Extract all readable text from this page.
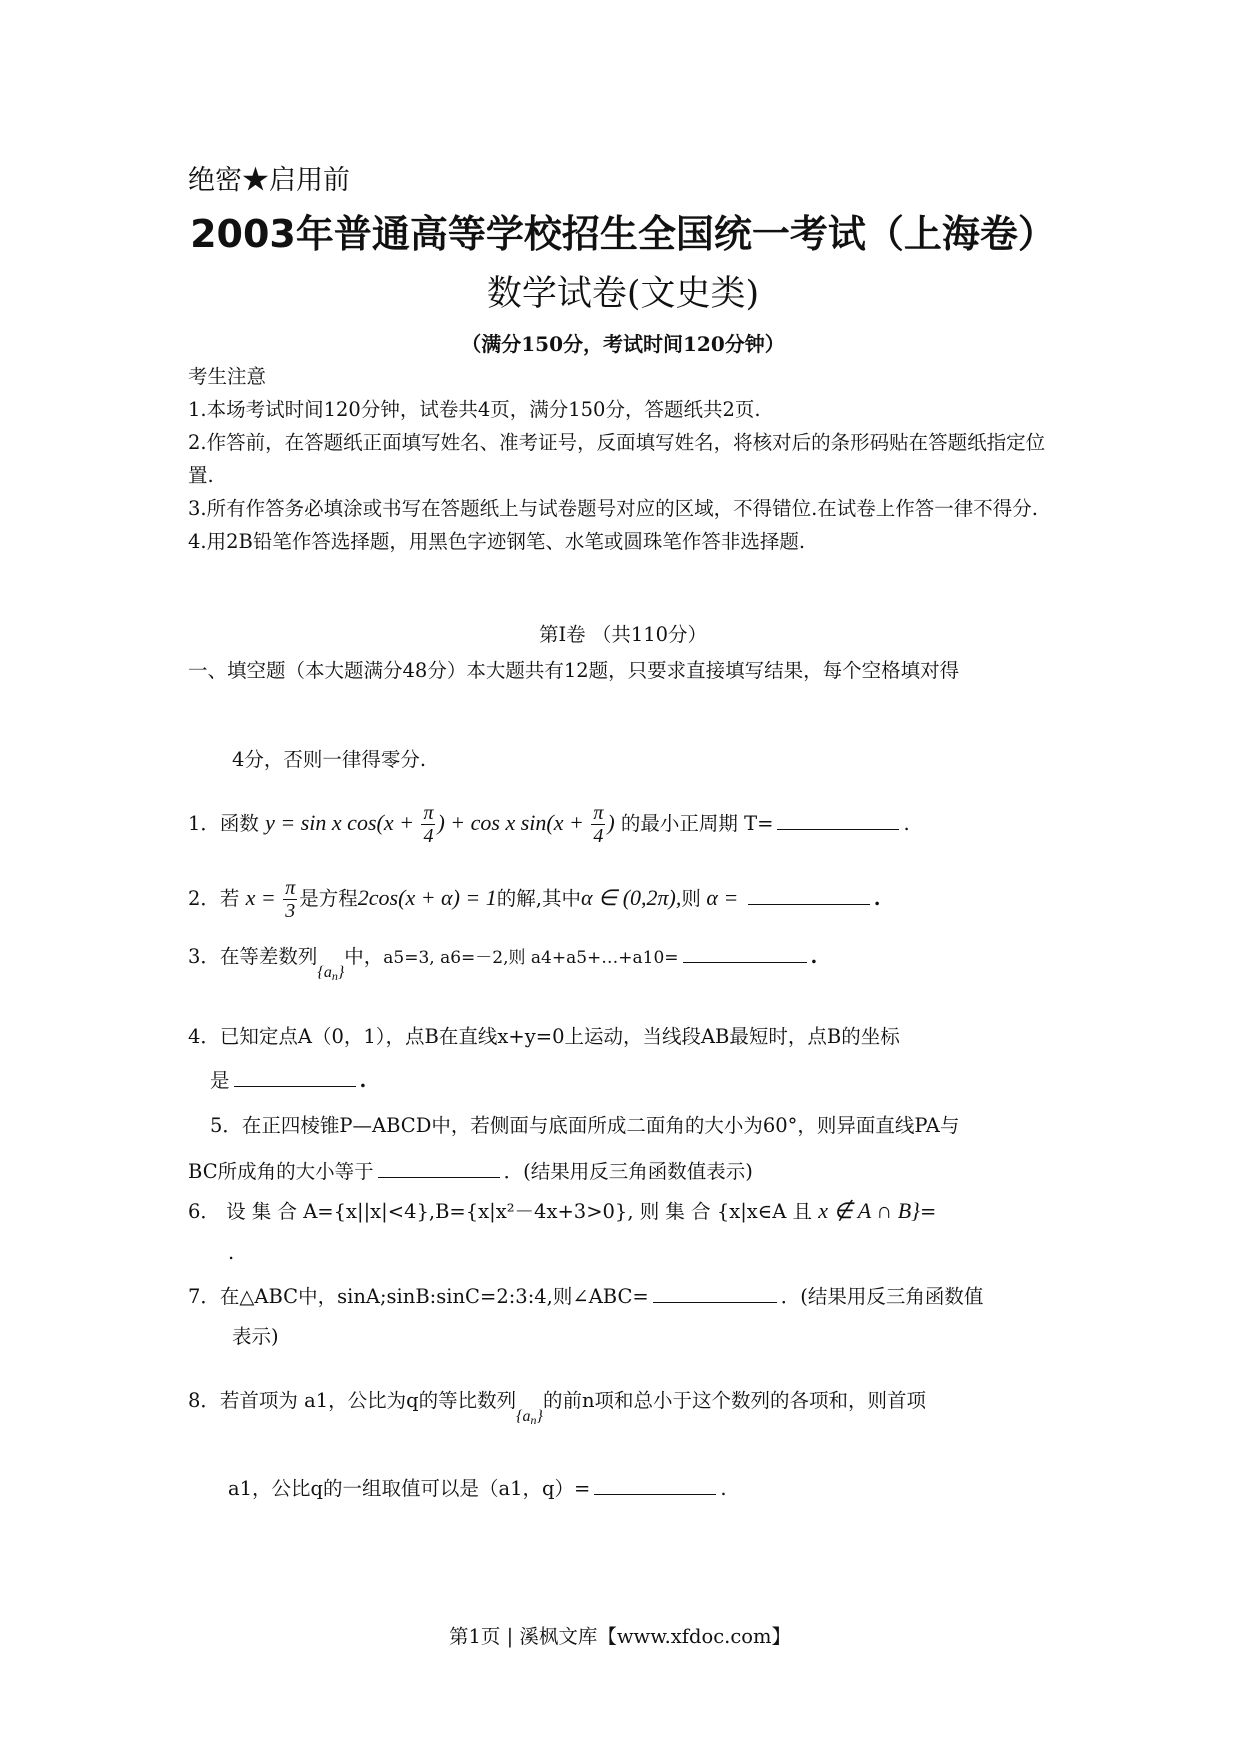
绝密★启用前
2003年普通高等学校招生全国统一考试（上海卷）
数学试卷(文史类)
（满分150分，考试时间120分钟）

考生注意

1.本场考试时间120分钟，试卷共4页，满分150分，答题纸共2页.

2.作答前，在答题纸正面填写姓名、准考证号，反面填写姓名，将核对后的条形码贴在答题纸指定位置.

3.所有作答务必填涂或书写在答题纸上与试卷题号对应的区域，不得错位.在试卷上作答一律不得分.

4.用2B铅笔作答选择题，用黑色字迹钢笔、水笔或圆珠笔作答非选择题.

第Ⅰ卷 （共110分）
一、填空题（本大题满分48分）本大题共有12题，只要求直接填写结果，每个空格填对得
4分，否则一律得零分.
1．函数 y = sin x $\cos(x + \frac{\pi}{4}$ ) + cos x $\sin(x + \frac{\pi}{4}$ ) 的最小正周期 T=	.
2．若 $x = \frac{\pi}{3}$ 是方程2cos(x + α) = 1的解,其中α ∈ (0,2π),则 α =	.
3．在等差数列$\{a_n\}$中，a5=3, a6=－2,则 a4+a5+…+a10=	.
4．已知定点A（0，1），点B在直线x+y=0上运动，当线段AB最短时，点B的坐标
是	.
5．在正四棱锥P—ABCD中，若侧面与底面所成二面角的大小为60°，则异面直线PA与
BC所成角的大小等于	．(结果用反三角函数值表示)
6． 设 集 合 A={x||x|<4},B={x|x²－4x+3>0}, 则 集 合 {x|x∈A 且 x ∉ A ∩ B}=
.
7．在△ABC中，sinA;sinB:sinC=2:3:4,则∠ABC=	．(结果用反三角函数值
表示)
8．若首项为 a1，公比为q的等比数列$\{a_n\}$的前n项和总小于这个数列的各项和，则首项
a1，公比q的一组取值可以是（a1，q）=	.
第1页 | 溪枫文库【www.xfdoc.com】
